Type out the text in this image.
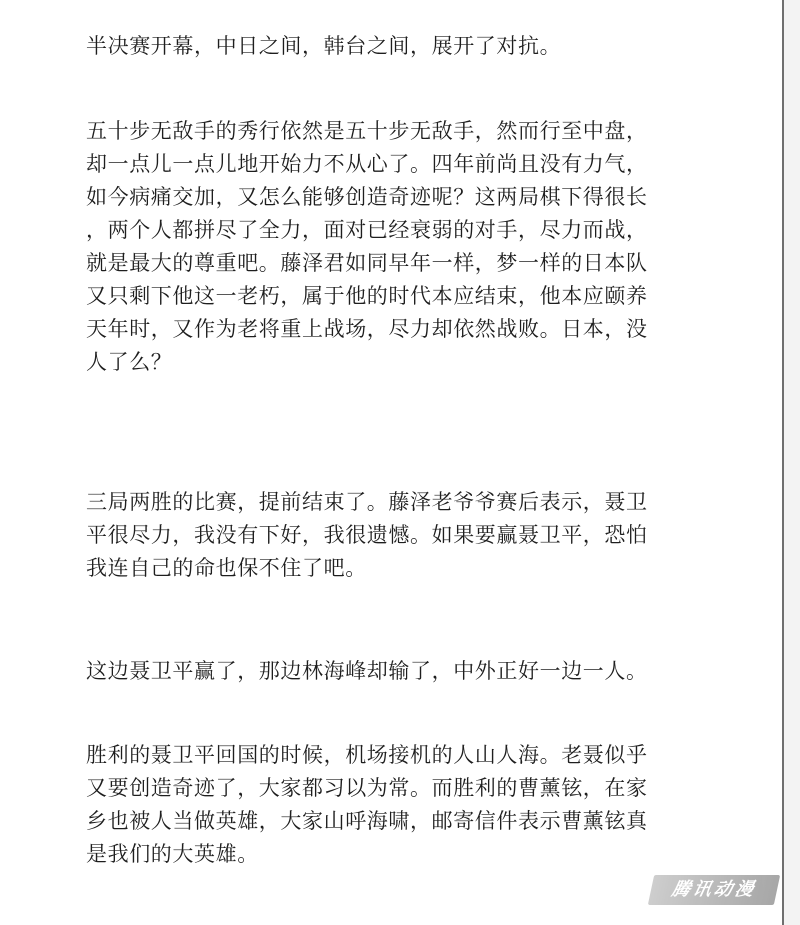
半决赛开幕，中日之间，韩台之间，展开了对抗。

五十步无敌手的秀行依然是五十步无敌手，然而行至中盘，
却一点儿一点儿地开始力不从心了。四年前尚且没有力气，
如今病痛交加，又怎么能够创造奇迹呢？这两局棋下得很长
，两个人都拼尽了全力，面对已经衰弱的对手，尽力而战，
就是最大的尊重吧。藤泽君如同早年一样，梦一样的日本队
又只剩下他这一老朽，属于他的时代本应结束，他本应颐养
天年时，又作为老将重上战场，尽力却依然战败。日本，没
人了么？

三局两胜的比赛，提前结束了。藤泽老爷爷赛后表示，聂卫
平很尽力，我没有下好，我很遗憾。如果要赢聂卫平，恐怕
我连自己的命也保不住了吧。

这边聂卫平赢了，那边林海峰却输了，中外正好一边一人。

胜利的聂卫平回国的时候，机场接机的人山人海。老聂似乎
又要创造奇迹了，大家都习以为常。而胜利的曹薰铉，在家
乡也被人当做英雄，大家山呼海啸，邮寄信件表示曹薰铉真
是我们的大英雄。

腾讯动漫
